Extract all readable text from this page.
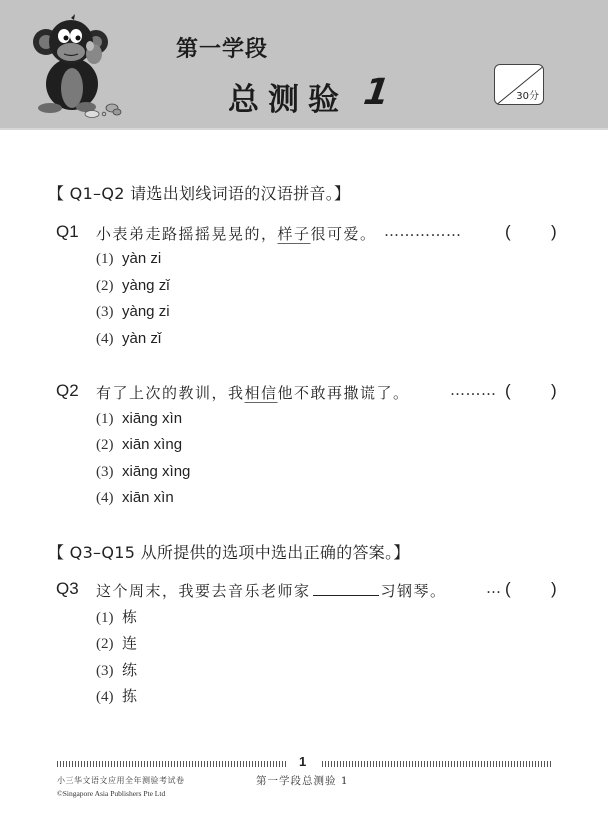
第一学段
总测验 1	30分
【 Q1–Q2 请选出划线词语的汉语拼音。】
Q1 小表弟走路摇摇晃晃的，样子很可爱。 ……………	( )
(1) yàn zi
(2) yàng zǐ
(3) yàng zi
(4) yàn zǐ
Q2 有了上次的教训，我相信他不敢再撒谎了。	……… ( )
(1) xiāng xìn
(2) xiān xìng
(3) xiāng xìng
(4) xiān xìn
【 Q3–Q15 从所提供的选项中选出正确的答案。】
Q3 这个周末，我要去音乐老师家	习钢琴。	… ( )
(1) 栋
(2) 连
(3) 练
(4) 拣
1
小三华文语文应用全年测验考试卷
©Singapore Asia Publishers Pte Ltd
第一学段总测验 1
